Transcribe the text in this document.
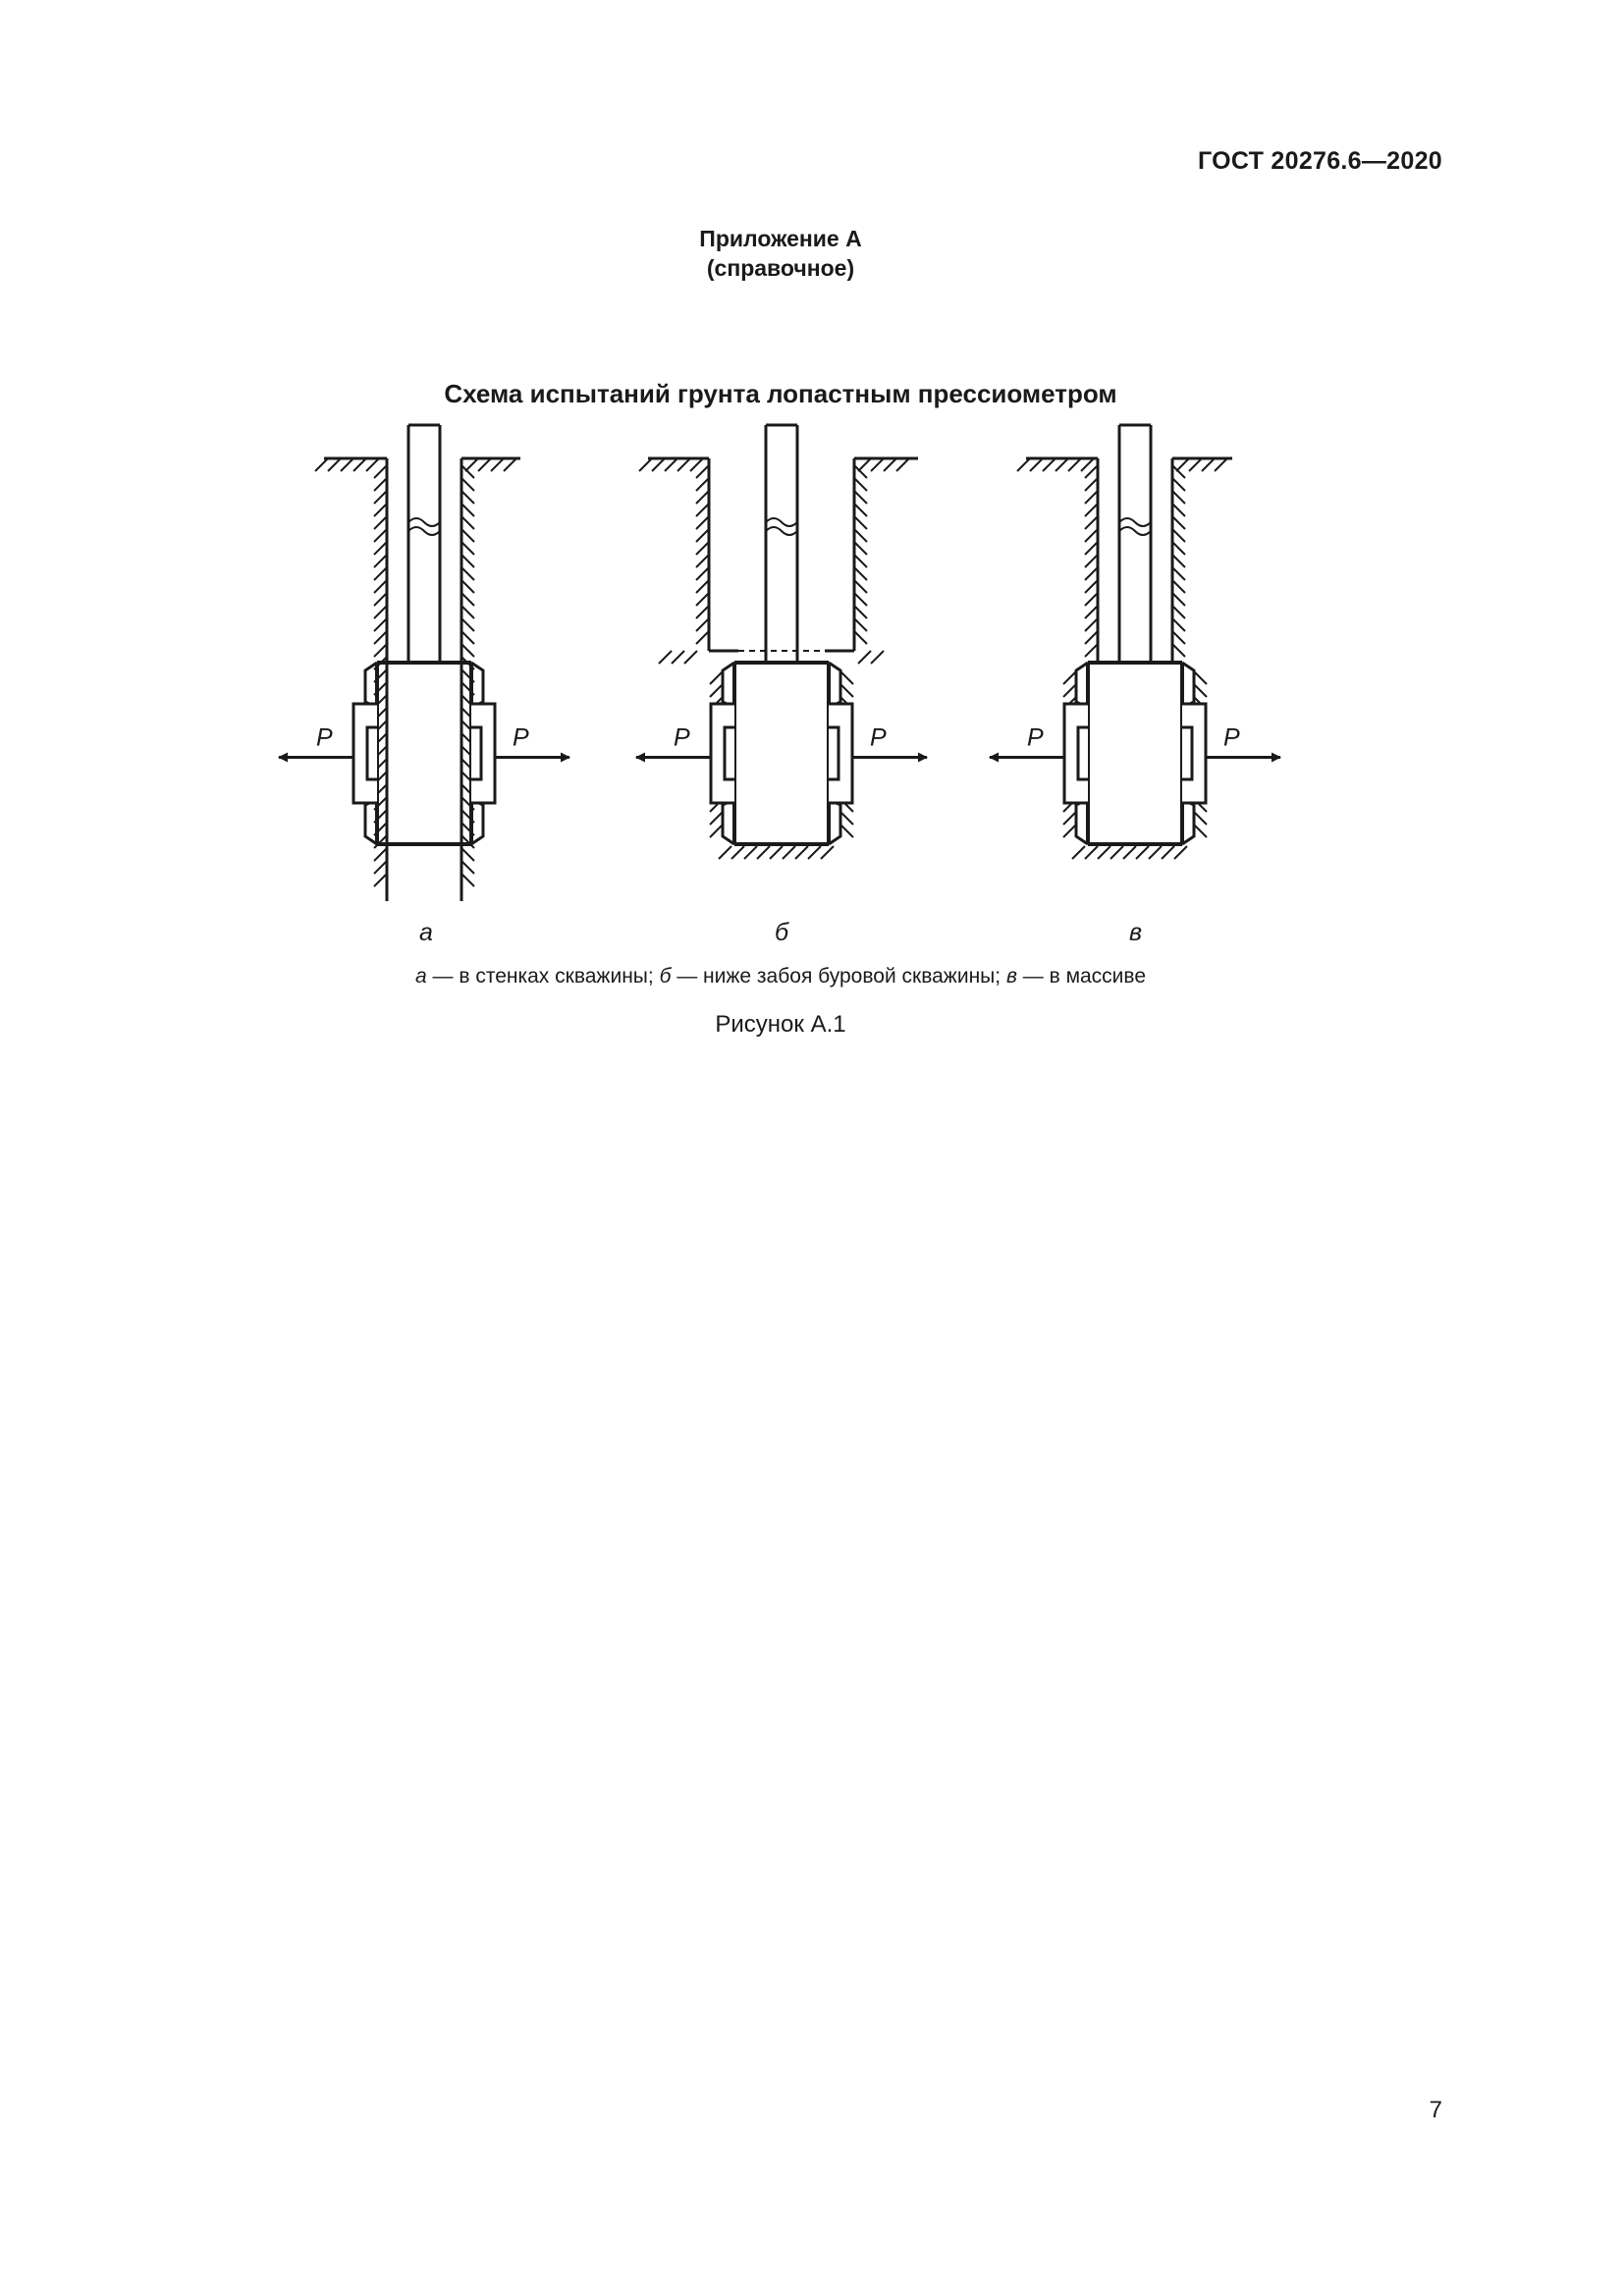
ГОСТ 20276.6—2020
Приложение А
(справочное)
Схема испытаний грунта лопастным прессиометром
P	P	P	P	P	P
а	б	в
а — в стенках скважины; б — ниже забоя буровой скважины; в — в массиве
Рисунок А.1
7
